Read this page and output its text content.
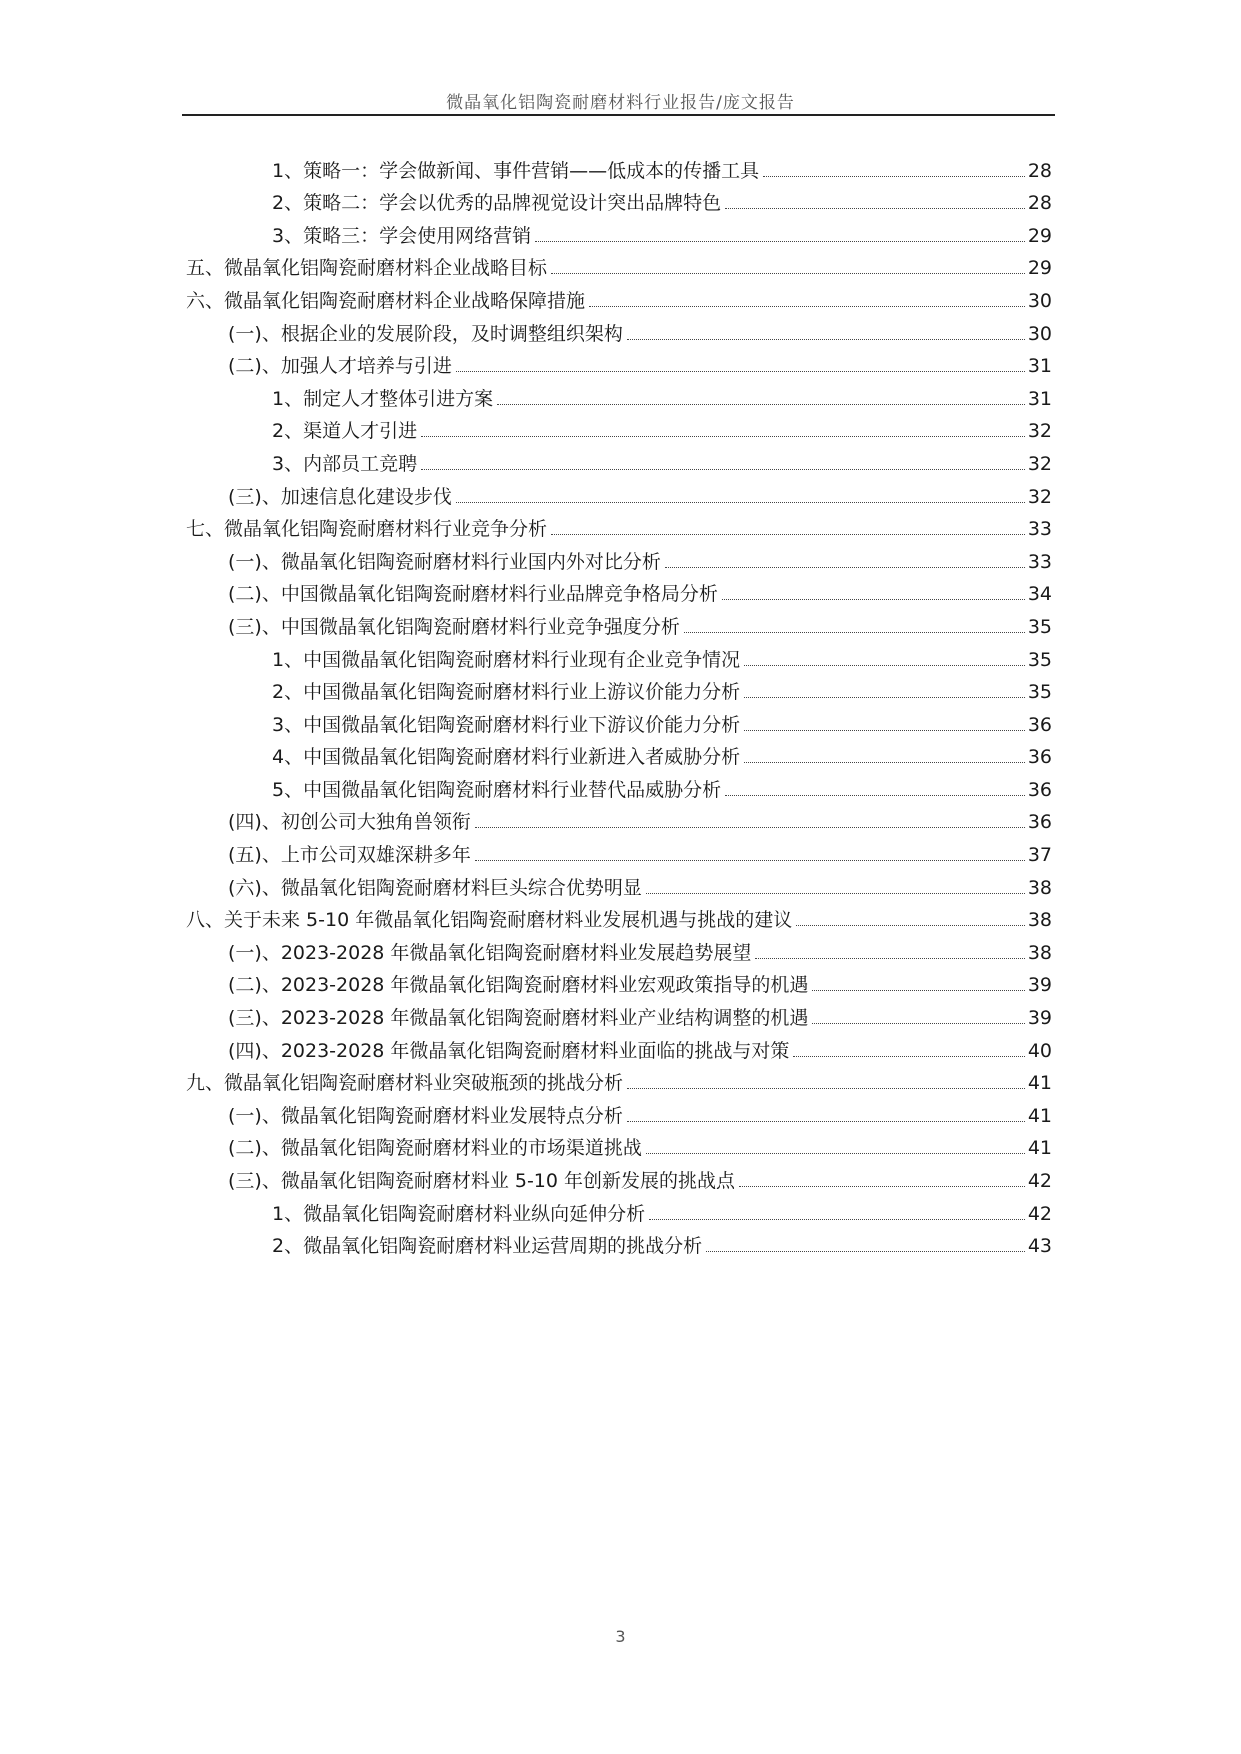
微晶氧化铝陶瓷耐磨材料行业报告/庞文报告
1、策略一：学会做新闻、事件营销——低成本的传播工具	28
2、策略二：学会以优秀的品牌视觉设计突出品牌特色	28
3、策略三：学会使用网络营销	29
五、微晶氧化铝陶瓷耐磨材料企业战略目标	29
六、微晶氧化铝陶瓷耐磨材料企业战略保障措施	30
(一)、根据企业的发展阶段，及时调整组织架构	30
(二)、加强人才培养与引进	31
1、制定人才整体引进方案	31
2、渠道人才引进	32
3、内部员工竞聘	32
(三)、加速信息化建设步伐	32
七、微晶氧化铝陶瓷耐磨材料行业竞争分析	33
(一)、微晶氧化铝陶瓷耐磨材料行业国内外对比分析	33
(二)、中国微晶氧化铝陶瓷耐磨材料行业品牌竞争格局分析	34
(三)、中国微晶氧化铝陶瓷耐磨材料行业竞争强度分析	35
1、中国微晶氧化铝陶瓷耐磨材料行业现有企业竞争情况	35
2、中国微晶氧化铝陶瓷耐磨材料行业上游议价能力分析	35
3、中国微晶氧化铝陶瓷耐磨材料行业下游议价能力分析	36
4、中国微晶氧化铝陶瓷耐磨材料行业新进入者威胁分析	36
5、中国微晶氧化铝陶瓷耐磨材料行业替代品威胁分析	36
(四)、初创公司大独角兽领衔	36
(五)、上市公司双雄深耕多年	37
(六)、微晶氧化铝陶瓷耐磨材料巨头综合优势明显	38
八、关于未来 5-10 年微晶氧化铝陶瓷耐磨材料业发展机遇与挑战的建议	38
(一)、2023-2028 年微晶氧化铝陶瓷耐磨材料业发展趋势展望	38
(二)、2023-2028 年微晶氧化铝陶瓷耐磨材料业宏观政策指导的机遇	39
(三)、2023-2028 年微晶氧化铝陶瓷耐磨材料业产业结构调整的机遇	39
(四)、2023-2028 年微晶氧化铝陶瓷耐磨材料业面临的挑战与对策	40
九、微晶氧化铝陶瓷耐磨材料业突破瓶颈的挑战分析	41
(一)、微晶氧化铝陶瓷耐磨材料业发展特点分析	41
(二)、微晶氧化铝陶瓷耐磨材料业的市场渠道挑战	41
(三)、微晶氧化铝陶瓷耐磨材料业 5-10 年创新发展的挑战点	42
1、微晶氧化铝陶瓷耐磨材料业纵向延伸分析	42
2、微晶氧化铝陶瓷耐磨材料业运营周期的挑战分析	43
3
